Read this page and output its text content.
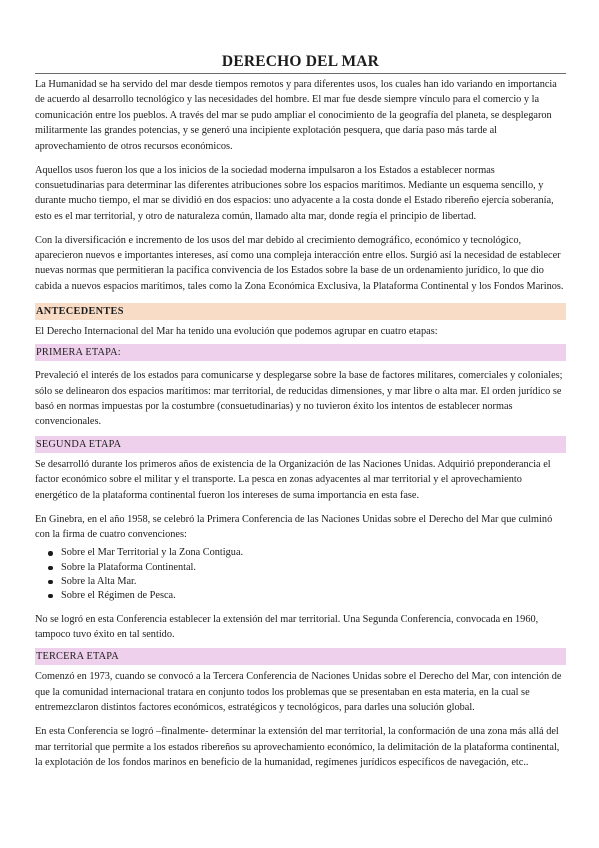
DERECHO DEL MAR

La Humanidad se ha servido del mar desde tiempos remotos y para diferentes usos, los cuales han ido variando en importancia de acuerdo al desarrollo tecnológico y las necesidades del hombre. El mar fue desde siempre vínculo para el comercio y la comunicación entre los pueblos. A través del mar se pudo ampliar el conocimiento de la geografía del planeta, se desplegaron militarmente las grandes potencias, y se generó una incipiente explotación pesquera, que daría paso más tarde al aprovechamiento de otros recursos económicos.

Aquellos usos fueron los que a los inicios de la sociedad moderna impulsaron a los Estados a establecer normas consuetudinarias para determinar las diferentes atribuciones sobre los espacios marítimos. Mediante un esquema sencillo, y durante mucho tiempo, el mar se dividió en dos espacios: uno adyacente a la costa donde el Estado ribereño ejercía soberanía, esto es el mar territorial, y otro de naturaleza común, llamado alta mar, donde regía el principio de libertad.

Con la diversificación e incremento de los usos del mar debido al crecimiento demográfico, económico y tecnológico, aparecieron nuevos e importantes intereses, así como una compleja interacción entre ellos. Surgió así la necesidad de establecer nuevas normas que permitieran la pacífica convivencia de los Estados sobre la base de un ordenamiento jurídico, lo que dio cabida a nuevos espacios marítimos, tales como la Zona Económica Exclusiva, la Plataforma Continental y los Fondos Marinos.

ANTECEDENTES

El Derecho Internacional del Mar ha tenido una evolución que podemos agrupar en cuatro etapas:

PRIMERA ETAPA:

Prevaleció el interés de los estados para comunicarse y desplegarse sobre la base de factores militares, comerciales y coloniales; sólo se delinearon dos espacios marítimos: mar territorial, de reducidas dimensiones, y mar libre o alta mar. El orden jurídico se basó en normas impuestas por la costumbre (consuetudinarias) y no tuvieron éxito los intentos de establecer normas convencionales.

SEGUNDA ETAPA

Se desarrolló durante los primeros años de existencia de la Organización de las Naciones Unidas. Adquirió preponderancia el factor económico sobre el militar y el transporte. La pesca en zonas adyacentes al mar territorial y el aprovechamiento energético de la plataforma continental fueron los intereses de suma importancia en esta fase.

En Ginebra, en el año 1958, se celebró la Primera Conferencia de las Naciones Unidas sobre el Derecho del Mar que culminó con la firma de cuatro convenciones:

Sobre el Mar Territorial y la Zona Contigua.
Sobre la Plataforma Continental.
Sobre la Alta Mar.
Sobre el Régimen de Pesca.

No se logró en esta Conferencia establecer la extensión del mar territorial. Una Segunda Conferencia, convocada en 1960, tampoco tuvo éxito en tal sentido.

TERCERA ETAPA

Comenzó en 1973, cuando se convocó a la Tercera Conferencia de Naciones Unidas sobre el Derecho del Mar, con intención de que la comunidad internacional tratara en conjunto todos los problemas que se presentaban en esta materia, en la cual se entremezclaron distintos factores económicos, estratégicos y tecnológicos, para darles una solución global.

En esta Conferencia se logró –finalmente- determinar la extensión del mar territorial, la conformación de una zona más allá del mar territorial que permite a los estados ribereños su aprovechamiento económico, la delimitación de la plataforma continental, la explotación de los fondos marinos en beneficio de la humanidad, regímenes jurídicos específicos de navegación, etc..
